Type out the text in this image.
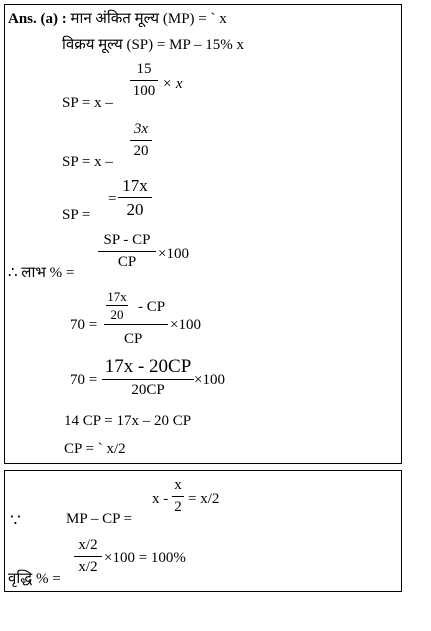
Ans. (a) : मान अंकित मूल्य (MP) = ` x
विक्रय मूल्य (SP) = MP – 15% x
SP = x –
15
100 × x
SP = x –
3x
20
SP =
=
17x
20
∴ लाभ % =
SP - CP
CP ×100
70 =
17x
20 - CP
CP
×100
70 =
17x - 20CP
20CP
×100
14 CP = 17x – 20 CP
CP = ` x/2
∵	MP – CP =
x -
x
2 = x/2
वृद्धि % =
x/2
x/2
×100 = 100%
